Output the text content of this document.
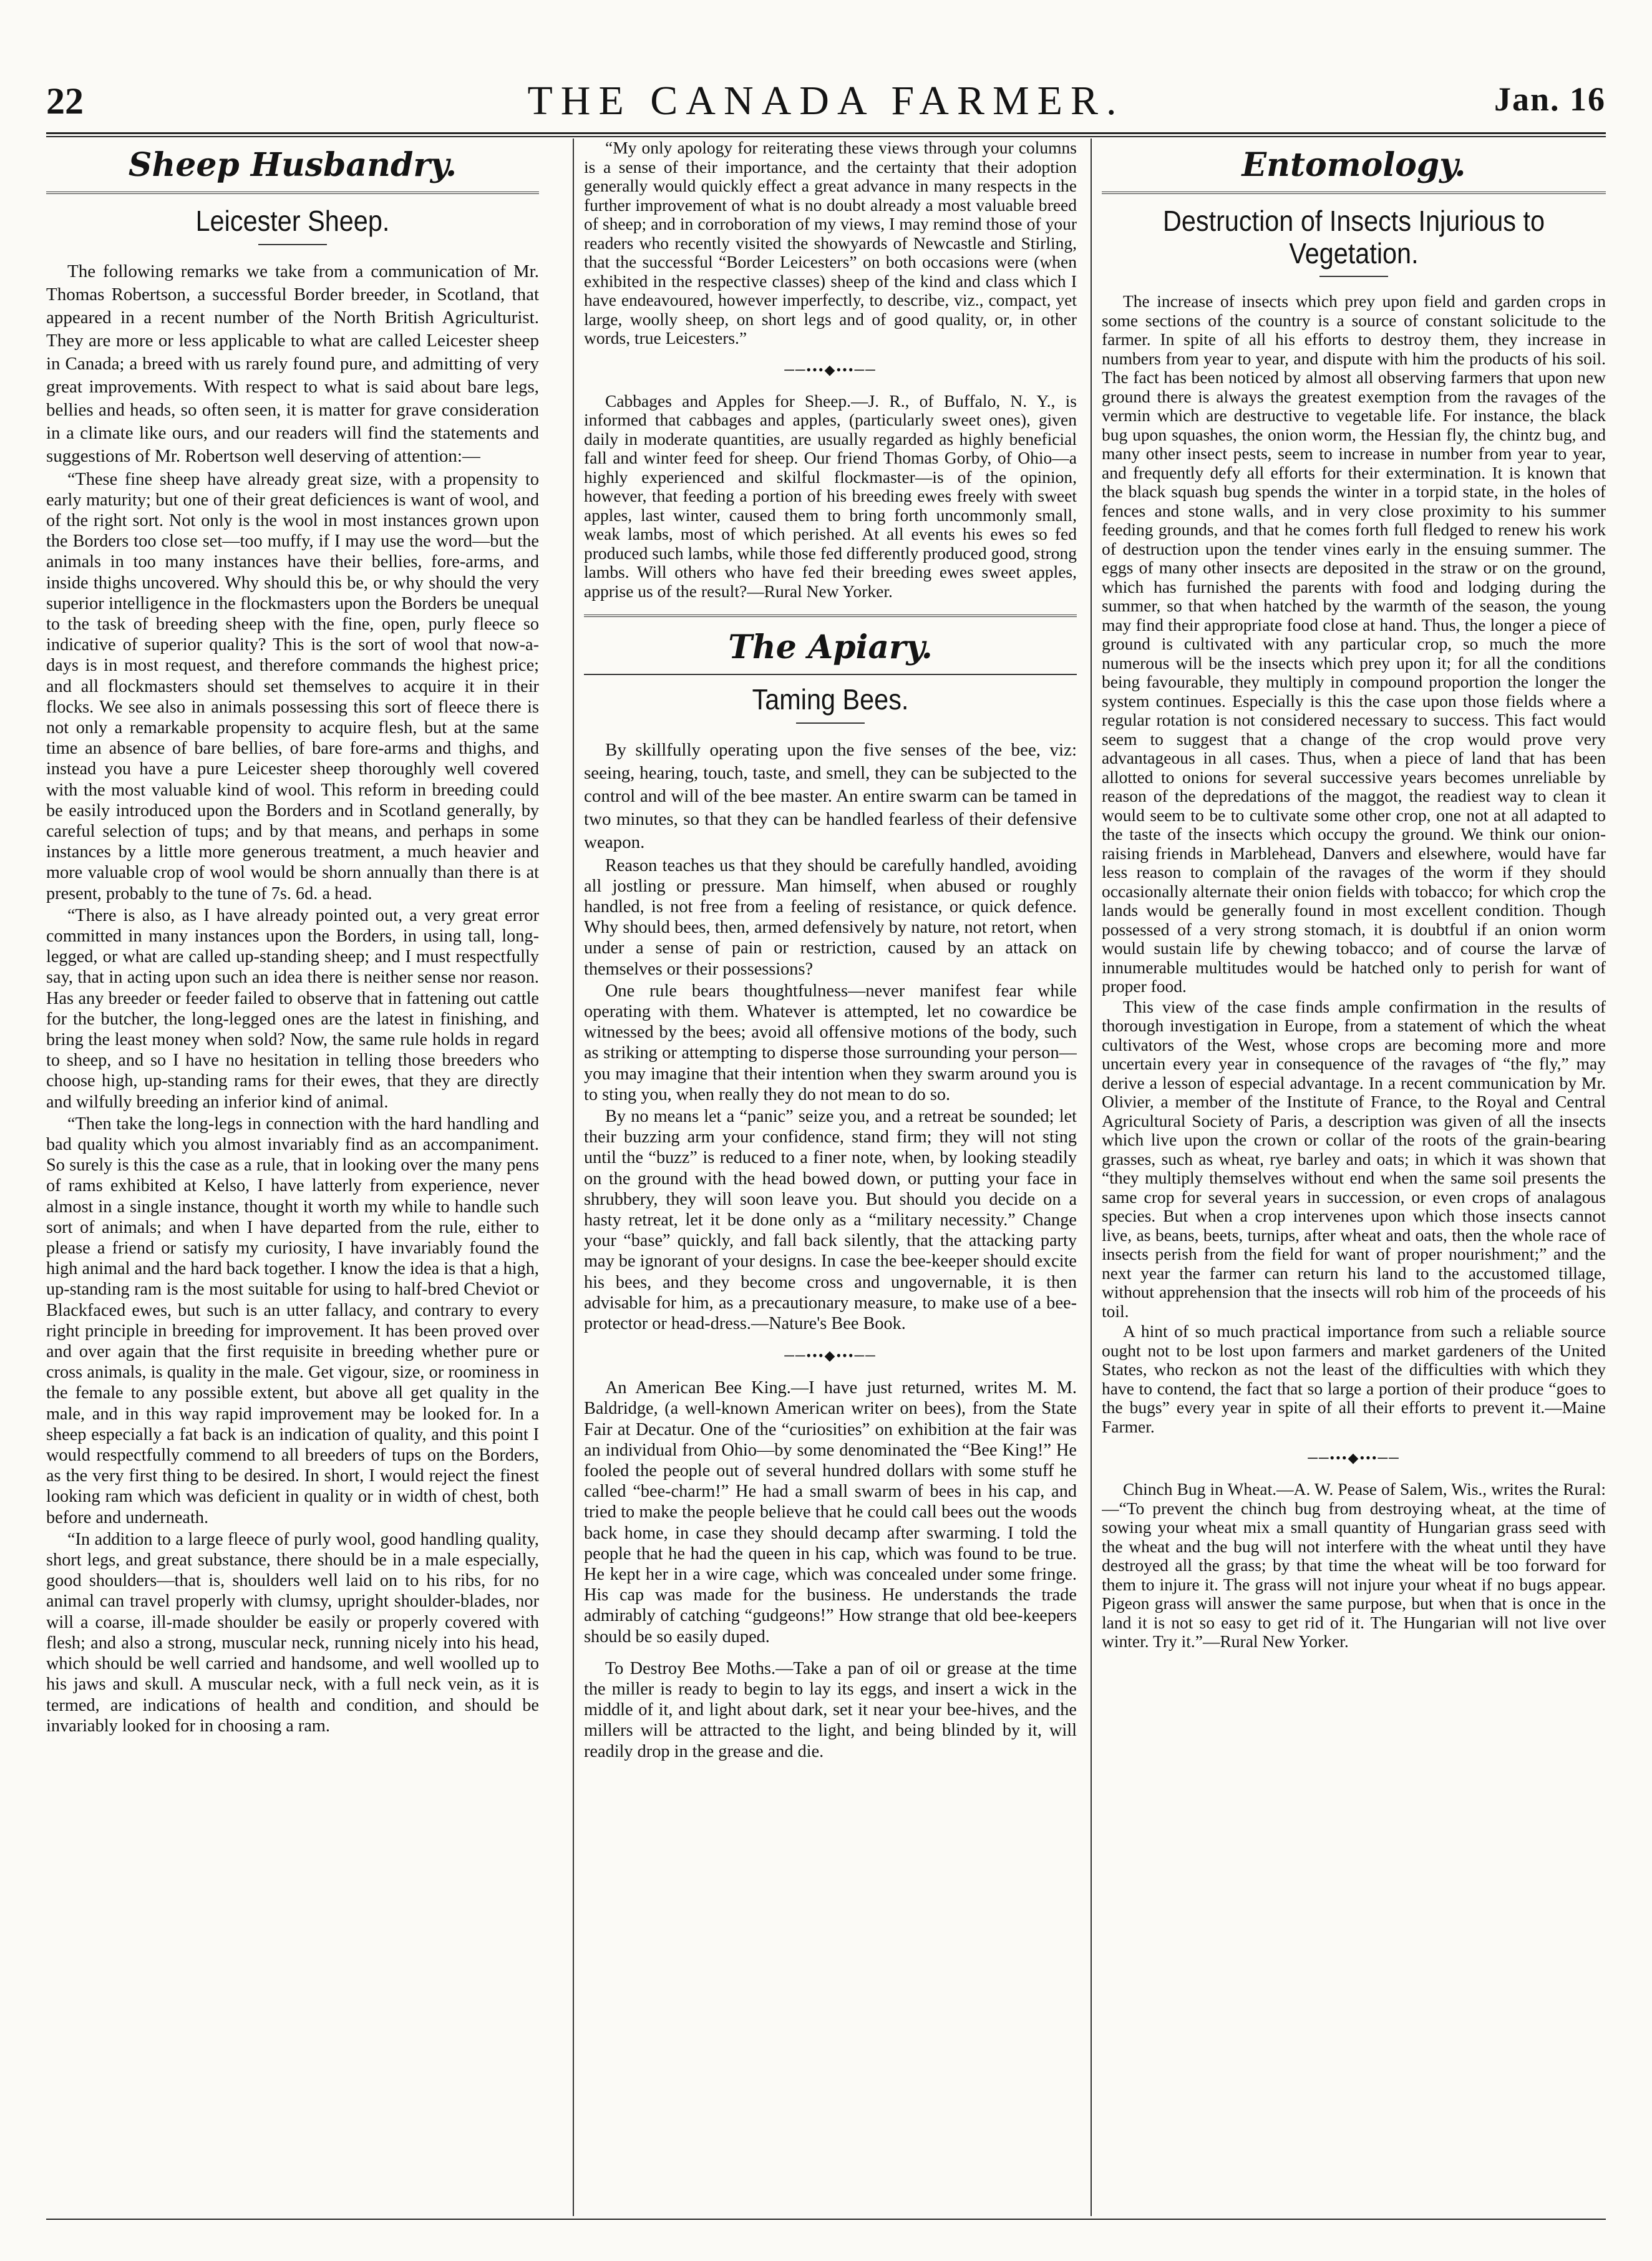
22	THE CANADA FARMER.	Jan. 16
Sheep Husbandry.
Leicester Sheep.

The following remarks we take from a communication of Mr. Thomas Robertson, a successful Border breeder, in Scotland, that appeared in a recent number of the North British Agriculturist. They are more or less applicable to what are called Leicester sheep in Canada; a breed with us rarely found pure, and admitting of very great improvements. With respect to what is said about bare legs, bellies and heads, so often seen, it is matter for grave consideration in a climate like ours, and our readers will find the statements and suggestions of Mr. Robertson well deserving of attention:—

“These fine sheep have already great size, with a propensity to early maturity; but one of their great deficiences is want of wool, and of the right sort. Not only is the wool in most instances grown upon the Borders too close set—too muffy, if I may use the word—but the animals in too many instances have their bellies, fore-arms, and inside thighs uncovered. Why should this be, or why should the very superior intelligence in the flockmasters upon the Borders be unequal to the task of breeding sheep with the fine, open, purly fleece so indicative of superior quality? This is the sort of wool that now-a-days is in most request, and therefore commands the highest price; and all flockmasters should set themselves to acquire it in their flocks. We see also in animals possessing this sort of fleece there is not only a remarkable propensity to acquire flesh, but at the same time an absence of bare bellies, of bare fore-arms and thighs, and instead you have a pure Leicester sheep thoroughly well covered with the most valuable kind of wool. This reform in breeding could be easily introduced upon the Borders and in Scotland generally, by careful selection of tups; and by that means, and perhaps in some instances by a little more generous treatment, a much heavier and more valuable crop of wool would be shorn annually than there is at present, probably to the tune of 7s. 6d. a head.

“There is also, as I have already pointed out, a very great error committed in many instances upon the Borders, in using tall, long-legged, or what are called up-standing sheep; and I must respectfully say, that in acting upon such an idea there is neither sense nor reason. Has any breeder or feeder failed to observe that in fattening out cattle for the butcher, the long-legged ones are the latest in finishing, and bring the least money when sold? Now, the same rule holds in regard to sheep, and so I have no hesitation in telling those breeders who choose high, up-standing rams for their ewes, that they are directly and wilfully breeding an inferior kind of animal.

“Then take the long-legs in connection with the hard handling and bad quality which you almost invariably find as an accompaniment. So surely is this the case as a rule, that in looking over the many pens of rams exhibited at Kelso, I have latterly from experience, never almost in a single instance, thought it worth my while to handle such sort of animals; and when I have departed from the rule, either to please a friend or satisfy my curiosity, I have invariably found the high animal and the hard back together. I know the idea is that a high, up-standing ram is the most suitable for using to half-bred Cheviot or Blackfaced ewes, but such is an utter fallacy, and contrary to every right principle in breeding for improvement. It has been proved over and over again that the first requisite in breeding whether pure or cross animals, is quality in the male. Get vigour, size, or roominess in the female to any possible extent, but above all get quality in the male, and in this way rapid improvement may be looked for. In a sheep especially a fat back is an indication of quality, and this point I would respectfully commend to all breeders of tups on the Borders, as the very first thing to be desired. In short, I would reject the finest looking ram which was deficient in quality or in width of chest, both before and underneath.

“In addition to a large fleece of purly wool, good handling quality, short legs, and great substance, there should be in a male especially, good shoulders—that is, shoulders well laid on to his ribs, for no animal can travel properly with clumsy, upright shoulder-blades, nor will a coarse, ill-made shoulder be easily or properly covered with flesh; and also a strong, muscular neck, running nicely into his head, which should be well carried and handsome, and well woolled up to his jaws and skull. A muscular neck, with a full neck vein, as it is termed, are indications of health and condition, and should be invariably looked for in choosing a ram.

“My only apology for reiterating these views through your columns is a sense of their importance, and the certainty that their adoption generally would quickly effect a great advance in many respects in the further improvement of what is no doubt already a most valuable breed of sheep; and in corroboration of my views, I may remind those of your readers who recently visited the showyards of Newcastle and Stirling, that the successful “Border Leicesters” on both occasions were (when exhibited in the respective classes) sheep of the kind and class which I have endeavoured, however imperfectly, to describe, viz., compact, yet large, woolly sheep, on short legs and of good quality, or, in other words, true Leicesters.”

──•••◆•••──

Cabbages and Apples for Sheep.—J. R., of Buffalo, N. Y., is informed that cabbages and apples, (particularly sweet ones), given daily in moderate quantities, are usually regarded as highly beneficial fall and winter feed for sheep. Our friend Thomas Gorby, of Ohio—a highly experienced and skilful flockmaster—is of the opinion, however, that feeding a portion of his breeding ewes freely with sweet apples, last winter, caused them to bring forth uncommonly small, weak lambs, most of which perished. At all events his ewes so fed produced such lambs, while those fed differently produced good, strong lambs. Will others who have fed their breeding ewes sweet apples, apprise us of the result?—Rural New Yorker.

The Apiary.
Taming Bees.

By skillfully operating upon the five senses of the bee, viz: seeing, hearing, touch, taste, and smell, they can be subjected to the control and will of the bee master. An entire swarm can be tamed in two minutes, so that they can be handled fearless of their defensive weapon.

Reason teaches us that they should be carefully handled, avoiding all jostling or pressure. Man himself, when abused or roughly handled, is not free from a feeling of resistance, or quick defence. Why should bees, then, armed defensively by nature, not retort, when under a sense of pain or restriction, caused by an attack on themselves or their possessions?

One rule bears thoughtfulness—never manifest fear while operating with them. Whatever is attempted, let no cowardice be witnessed by the bees; avoid all offensive motions of the body, such as striking or attempting to disperse those surrounding your person—you may imagine that their intention when they swarm around you is to sting you, when really they do not mean to do so.

By no means let a “panic” seize you, and a retreat be sounded; let their buzzing arm your confidence, stand firm; they will not sting until the “buzz” is reduced to a finer note, when, by looking steadily on the ground with the head bowed down, or putting your face in shrubbery, they will soon leave you. But should you decide on a hasty retreat, let it be done only as a “military necessity.” Change your “base” quickly, and fall back silently, that the attacking party may be ignorant of your designs. In case the bee-keeper should excite his bees, and they become cross and ungovernable, it is then advisable for him, as a precautionary measure, to make use of a bee-protector or head-dress.—Nature's Bee Book.

──•••◆•••──

An American Bee King.—I have just returned, writes M. M. Baldridge, (a well-known American writer on bees), from the State Fair at Decatur. One of the “curiosities” on exhibition at the fair was an individual from Ohio—by some denominated the “Bee King!” He fooled the people out of several hundred dollars with some stuff he called “bee-charm!” He had a small swarm of bees in his cap, and tried to make the people believe that he could call bees out the woods back home, in case they should decamp after swarming. I told the people that he had the queen in his cap, which was found to be true. He kept her in a wire cage, which was concealed under some fringe. His cap was made for the business. He understands the trade admirably of catching “gudgeons!” How strange that old bee-keepers should be so easily duped.

To Destroy Bee Moths.—Take a pan of oil or grease at the time the miller is ready to begin to lay its eggs, and insert a wick in the middle of it, and light about dark, set it near your bee-hives, and the millers will be attracted to the light, and being blinded by it, will readily drop in the grease and die.

Entomology.
Destruction of Insects Injurious to Vegetation.

The increase of insects which prey upon field and garden crops in some sections of the country is a source of constant solicitude to the farmer. In spite of all his efforts to destroy them, they increase in numbers from year to year, and dispute with him the products of his soil. The fact has been noticed by almost all observing farmers that upon new ground there is always the greatest exemption from the ravages of the vermin which are destructive to vegetable life. For instance, the black bug upon squashes, the onion worm, the Hessian fly, the chintz bug, and many other insect pests, seem to increase in number from year to year, and frequently defy all efforts for their extermination. It is known that the black squash bug spends the winter in a torpid state, in the holes of fences and stone walls, and in very close proximity to his summer feeding grounds, and that he comes forth full fledged to renew his work of destruction upon the tender vines early in the ensuing summer. The eggs of many other insects are deposited in the straw or on the ground, which has furnished the parents with food and lodging during the summer, so that when hatched by the warmth of the season, the young may find their appropriate food close at hand. Thus, the longer a piece of ground is cultivated with any particular crop, so much the more numerous will be the insects which prey upon it; for all the conditions being favourable, they multiply in compound proportion the longer the system continues. Especially is this the case upon those fields where a regular rotation is not considered necessary to success. This fact would seem to suggest that a change of the crop would prove very advantageous in all cases. Thus, when a piece of land that has been allotted to onions for several successive years becomes unreliable by reason of the depredations of the maggot, the readiest way to clean it would seem to be to cultivate some other crop, one not at all adapted to the taste of the insects which occupy the ground. We think our onion-raising friends in Marblehead, Danvers and elsewhere, would have far less reason to complain of the ravages of the worm if they should occasionally alternate their onion fields with tobacco; for which crop the lands would be generally found in most excellent condition. Though possessed of a very strong stomach, it is doubtful if an onion worm would sustain life by chewing tobacco; and of course the larvæ of innumerable multitudes would be hatched only to perish for want of proper food.

This view of the case finds ample confirmation in the results of thorough investigation in Europe, from a statement of which the wheat cultivators of the West, whose crops are becoming more and more uncertain every year in consequence of the ravages of “the fly,” may derive a lesson of especial advantage. In a recent communication by Mr. Olivier, a member of the Institute of France, to the Royal and Central Agricultural Society of Paris, a description was given of all the insects which live upon the crown or collar of the roots of the grain-bearing grasses, such as wheat, rye barley and oats; in which it was shown that “they multiply themselves without end when the same soil presents the same crop for several years in succession, or even crops of analagous species. But when a crop intervenes upon which those insects cannot live, as beans, beets, turnips, after wheat and oats, then the whole race of insects perish from the field for want of proper nourishment;” and the next year the farmer can return his land to the accustomed tillage, without apprehension that the insects will rob him of the proceeds of his toil.

A hint of so much practical importance from such a reliable source ought not to be lost upon farmers and market gardeners of the United States, who reckon as not the least of the difficulties with which they have to contend, the fact that so large a portion of their produce “goes to the bugs” every year in spite of all their efforts to prevent it.—Maine Farmer.

──•••◆•••──

Chinch Bug in Wheat.—A. W. Pease of Salem, Wis., writes the Rural:—“To prevent the chinch bug from destroying wheat, at the time of sowing your wheat mix a small quantity of Hungarian grass seed with the wheat and the bug will not interfere with the wheat until they have destroyed all the grass; by that time the wheat will be too forward for them to injure it. The grass will not injure your wheat if no bugs appear. Pigeon grass will answer the same purpose, but when that is once in the land it is not so easy to get rid of it. The Hungarian will not live over winter. Try it.”—Rural New Yorker.
